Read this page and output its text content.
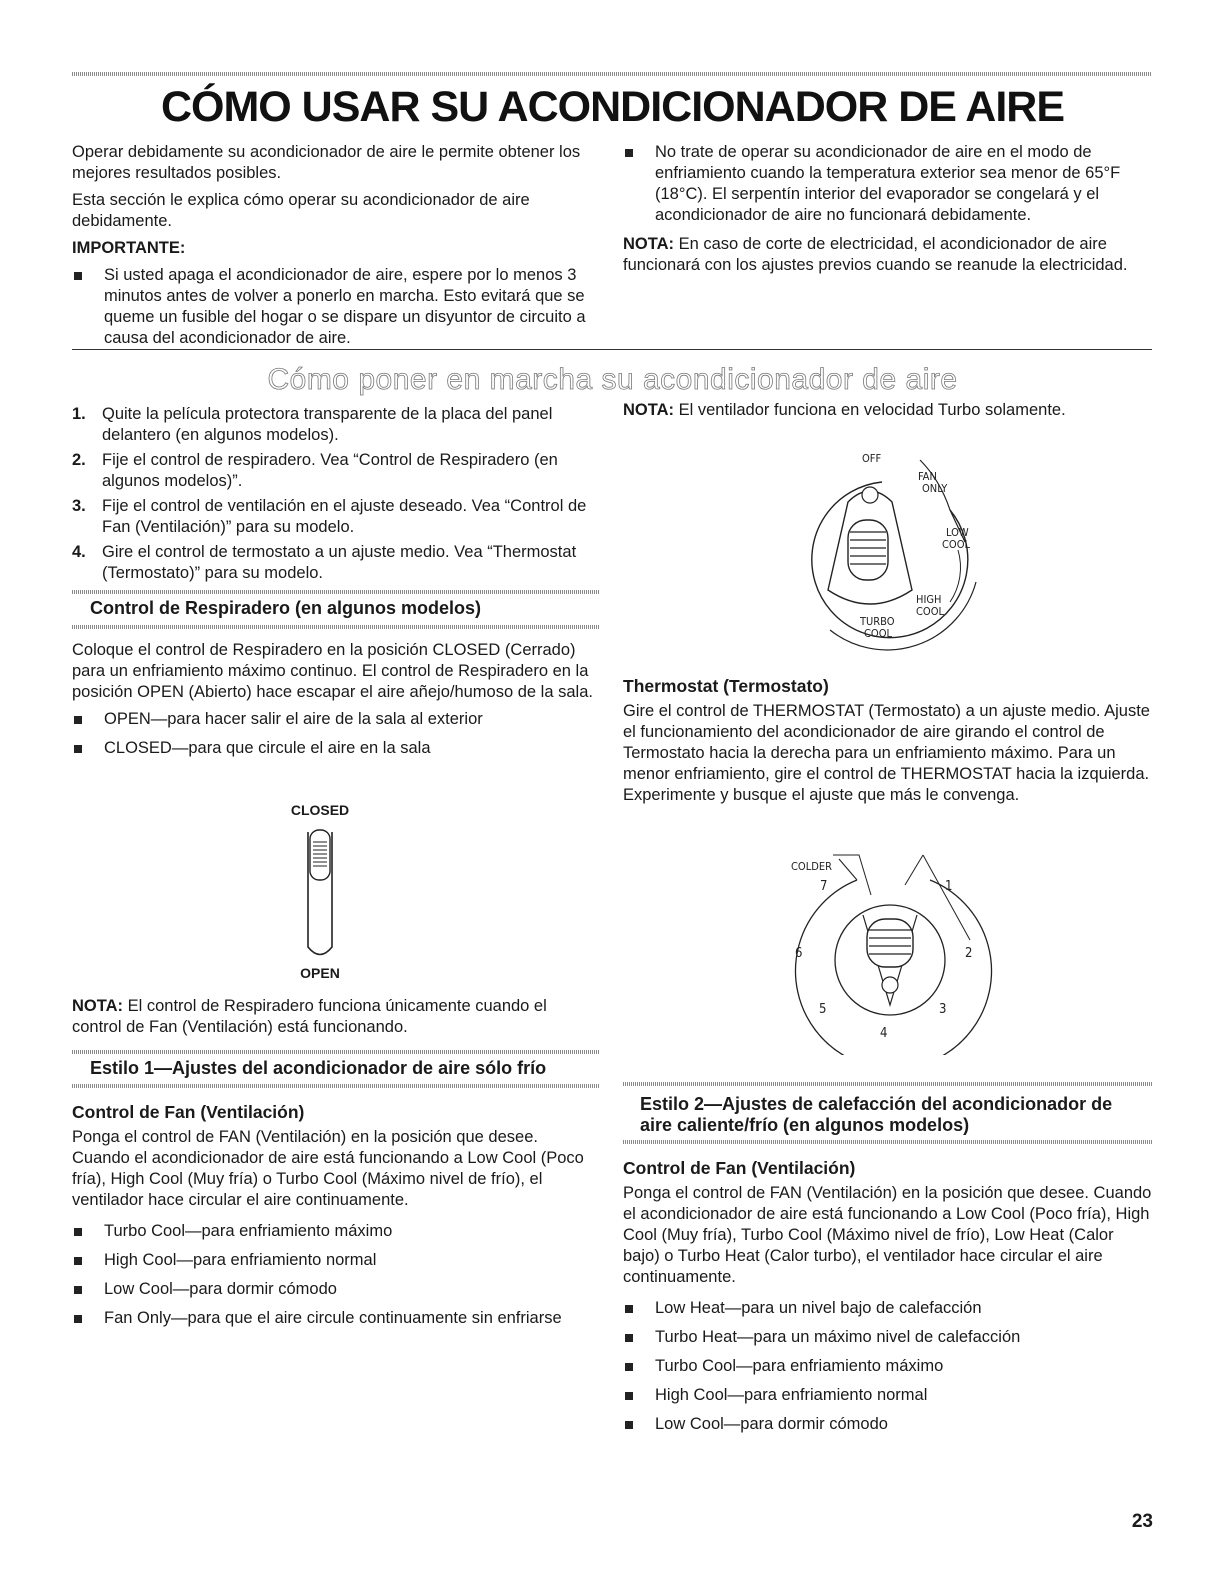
CÓMO USAR SU ACONDICIONADOR DE AIRE

Operar debidamente su acondicionador de aire le permite obtener los mejores resultados posibles.

Esta sección le explica cómo operar su acondicionador de aire debidamente.

IMPORTANTE:

Si usted apaga el acondicionador de aire, espere por lo menos 3 minutos antes de volver a ponerlo en marcha. Esto evitará que se queme un fusible del hogar o se dispare un disyuntor de circuito a causa del acondicionador de aire.
No trate de operar su acondicionador de aire en el modo de enfriamiento cuando la temperatura exterior sea menor de 65°F (18°C). El serpentín interior del evaporador se congelará y el acondicionador de aire no funcionará debidamente.

NOTA: En caso de corte de electricidad, el acondicionador de aire funcionará con los ajustes previos cuando se reanude la electricidad.

Cómo poner en marcha su acondicionador de aire
1. Quite la película protectora transparente de la placa del panel delantero (en algunos modelos).
2. Fije el control de respiradero. Vea “Control de Respiradero (en algunos modelos)”.
3. Fije el control de ventilación en el ajuste deseado. Vea “Control de Fan (Ventilación)” para su modelo.
4. Gire el control de termostato a un ajuste medio. Vea “Thermostat (Termostato)” para su modelo.
Control de Respiradero (en algunos modelos)

Coloque el control de Respiradero en la posición CLOSED (Cerrado) para un enfriamiento máximo continuo. El control de Respiradero en la posición OPEN (Abierto) hace escapar el aire añejo/humoso de la sala.

OPEN—para hacer salir el aire de la sala al exterior
CLOSED—para que circule el aire en la sala
CLOSED
OPEN
NOTA: El control de Respiradero funciona únicamente cuando el control de Fan (Ventilación) está funcionando.
Estilo 1—Ajustes del acondicionador de aire sólo frío

Control de Fan (Ventilación)

Ponga el control de FAN (Ventilación) en la posición que desee. Cuando el acondicionador de aire está funcionando a Low Cool (Poco fría), High Cool (Muy fría) o Turbo Cool (Máximo nivel de frío), el ventilador hace circular el aire continuamente.

Turbo Cool—para enfriamiento máximo
High Cool—para enfriamiento normal
Low Cool—para dormir cómodo
Fan Only—para que el aire circule continuamente sin enfriarse
NOTA: El ventilador funciona en velocidad Turbo solamente.
OFF
FAN
ONLY
LOW
COOL
HIGH
COOL
TURBO
COOL

Thermostat (Termostato)

Gire el control de THERMOSTAT (Termostato) a un ajuste medio. Ajuste el funcionamiento del acondicionador de aire girando el control de Termostato hacia la derecha para un enfriamiento máximo. Para un menor enfriamiento, gire el control de THERMOSTAT hacia la izquierda. Experimente y busque el ajuste que más le convenga.

COLDER
7	1
6	2
5	3
4
Estilo 2—Ajustes de calefacción del acondicionador de aire caliente/frío (en algunos modelos)

Control de Fan (Ventilación)

Ponga el control de FAN (Ventilación) en la posición que desee. Cuando el acondicionador de aire está funcionando a Low Cool (Poco fría), High Cool (Muy fría), Turbo Cool (Máximo nivel de frío), Low Heat (Calor bajo) o Turbo Heat (Calor turbo), el ventilador hace circular el aire continuamente.

Low Heat—para un nivel bajo de calefacción
Turbo Heat—para un máximo nivel de calefacción
Turbo Cool—para enfriamiento máximo
High Cool—para enfriamiento normal
Low Cool—para dormir cómodo
23
